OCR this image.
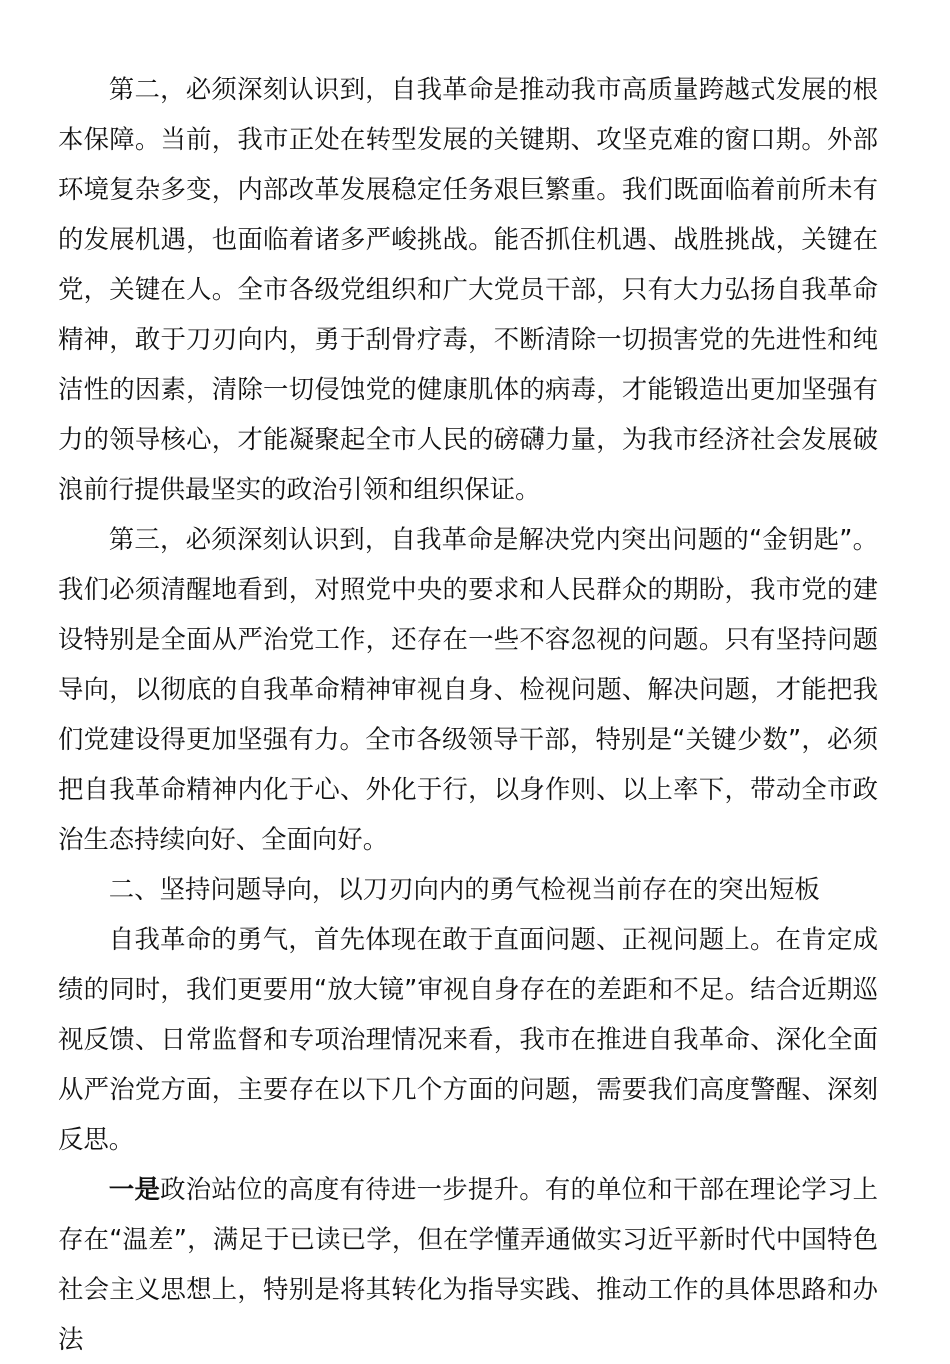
第二，必须深刻认识到，自我革命是推动我市高质量跨越式发展的根本保障。当前，我市正处在转型发展的关键期、攻坚克难的窗口期。外部环境复杂多变，内部改革发展稳定任务艰巨繁重。我们既面临着前所未有的发展机遇，也面临着诸多严峻挑战。能否抓住机遇、战胜挑战，关键在党，关键在人。全市各级党组织和广大党员干部，只有大力弘扬自我革命精神，敢于刀刃向内，勇于刮骨疗毒，不断清除一切损害党的先进性和纯洁性的因素，清除一切侵蚀党的健康肌体的病毒，才能锻造出更加坚强有力的领导核心，才能凝聚起全市人民的磅礴力量，为我市经济社会发展破浪前行提供最坚实的政治引领和组织保证。

第三，必须深刻认识到，自我革命是解决党内突出问题的“金钥匙”。我们必须清醒地看到，对照党中央的要求和人民群众的期盼，我市党的建设特别是全面从严治党工作，还存在一些不容忽视的问题。只有坚持问题导向，以彻底的自我革命精神审视自身、检视问题、解决问题，才能把我们党建设得更加坚强有力。全市各级领导干部，特别是“关键少数”，必须把自我革命精神内化于心、外化于行，以身作则、以上率下，带动全市政治生态持续向好、全面向好。

二、坚持问题导向，以刀刃向内的勇气检视当前存在的突出短板

自我革命的勇气，首先体现在敢于直面问题、正视问题上。在肯定成绩的同时，我们更要用“放大镜”审视自身存在的差距和不足。结合近期巡视反馈、日常监督和专项治理情况来看，我市在推进自我革命、深化全面从严治党方面，主要存在以下几个方面的问题，需要我们高度警醒、深刻反思。

一是政治站位的高度有待进一步提升。有的单位和干部在理论学习上存在“温差”，满足于已读已学，但在学懂弄通做实习近平新时代中国特色社会主义思想上，特别是将其转化为指导实践、推动工作的具体思路和办法
